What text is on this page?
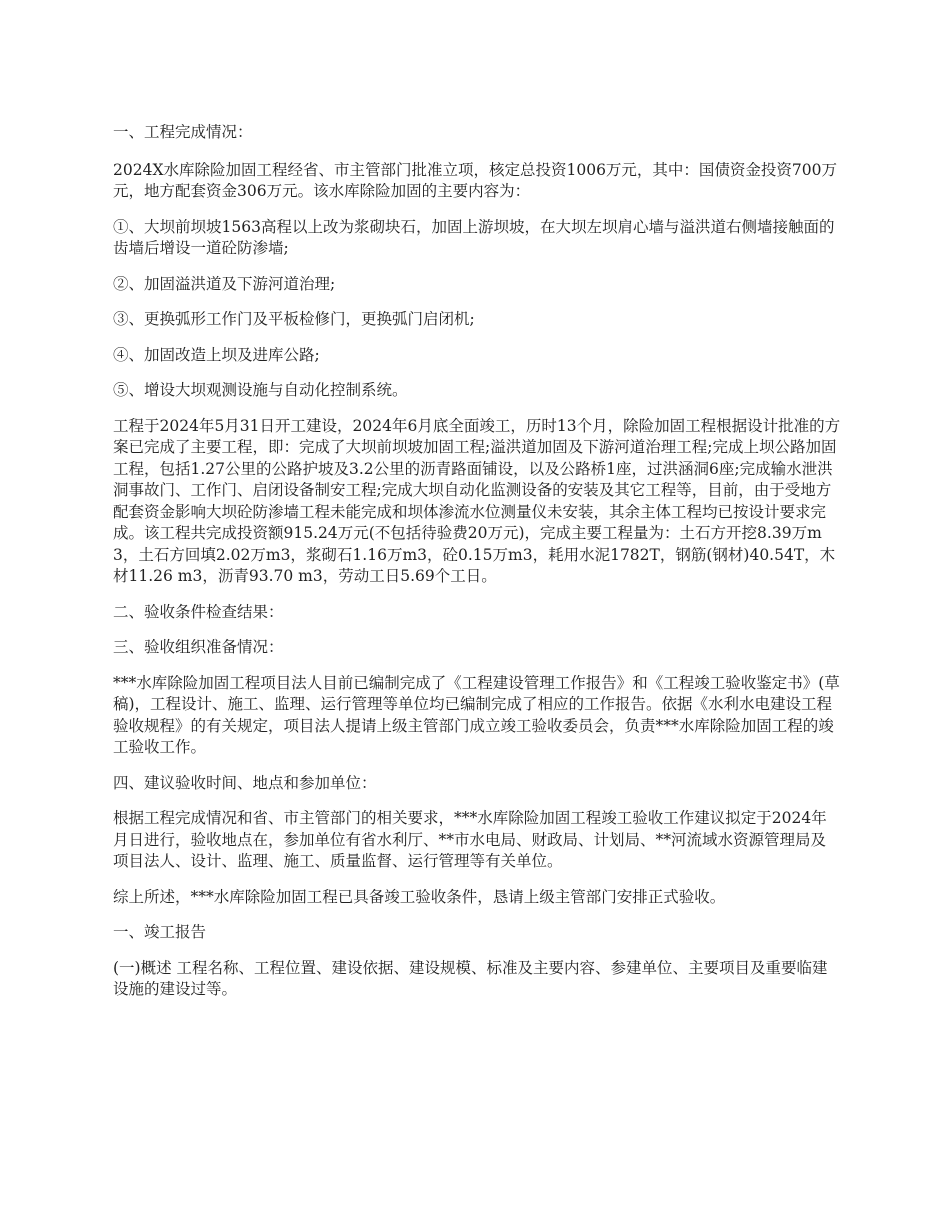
一、工程完成情况：

2024X水库除险加固工程经省、市主管部门批准立项，核定总投资1006万元，其中：国债资金投资700万元，地方配套资金306万元。该水库除险加固的主要内容为：

①、大坝前坝坡1563高程以上改为浆砌块石，加固上游坝坡，在大坝左坝肩心墙与溢洪道右侧墙接触面的齿墙后增设一道砼防渗墙;

②、加固溢洪道及下游河道治理;

③、更换弧形工作门及平板检修门，更换弧门启闭机;

④、加固改造上坝及进库公路;

⑤、增设大坝观测设施与自动化控制系统。

工程于2024年5月31日开工建设，2024年6月底全面竣工，历时13个月，除险加固工程根据设计批准的方案已完成了主要工程，即：完成了大坝前坝坡加固工程;溢洪道加固及下游河道治理工程;完成上坝公路加固工程，包括1.27公里的公路护坡及3.2公里的沥青路面铺设，以及公路桥1座，过洪涵洞6座;完成输水泄洪洞事故门、工作门、启闭设备制安工程;完成大坝自动化监测设备的安装及其它工程等，目前，由于受地方配套资金影响大坝砼防渗墙工程未能完成和坝体渗流水位测量仪未安装，其余主体工程均已按设计要求完成。该工程共完成投资额915.24万元(不包括待验费20万元)，完成主要工程量为：土石方开挖8.39万m3，土石方回填2.02万m3，浆砌石1.16万m3，砼0.15万m3，耗用水泥1782T，钢筋(钢材)40.54T，木材11.26 m3，沥青93.70 m3，劳动工日5.69个工日。

二、验收条件检查结果：

三、验收组织准备情况：

***水库除险加固工程项目法人目前已编制完成了《工程建设管理工作报告》和《工程竣工验收鉴定书》(草稿)，工程设计、施工、监理、运行管理等单位均已编制完成了相应的工作报告。依据《水利水电建设工程验收规程》的有关规定，项目法人提请上级主管部门成立竣工验收委员会，负责***水库除险加固工程的竣工验收工作。

四、建议验收时间、地点和参加单位：

根据工程完成情况和省、市主管部门的相关要求，***水库除险加固工程竣工验收工作建议拟定于2024年月日进行，验收地点在，参加单位有省水利厅、**市水电局、财政局、计划局、**河流域水资源管理局及项目法人、设计、监理、施工、质量监督、运行管理等有关单位。

综上所述，***水库除险加固工程已具备竣工验收条件，恳请上级主管部门安排正式验收。

一、竣工报告

(一)概述 工程名称、工程位置、建设依据、建设规模、标准及主要内容、参建单位、主要项目及重要临建设施的建设过等。
